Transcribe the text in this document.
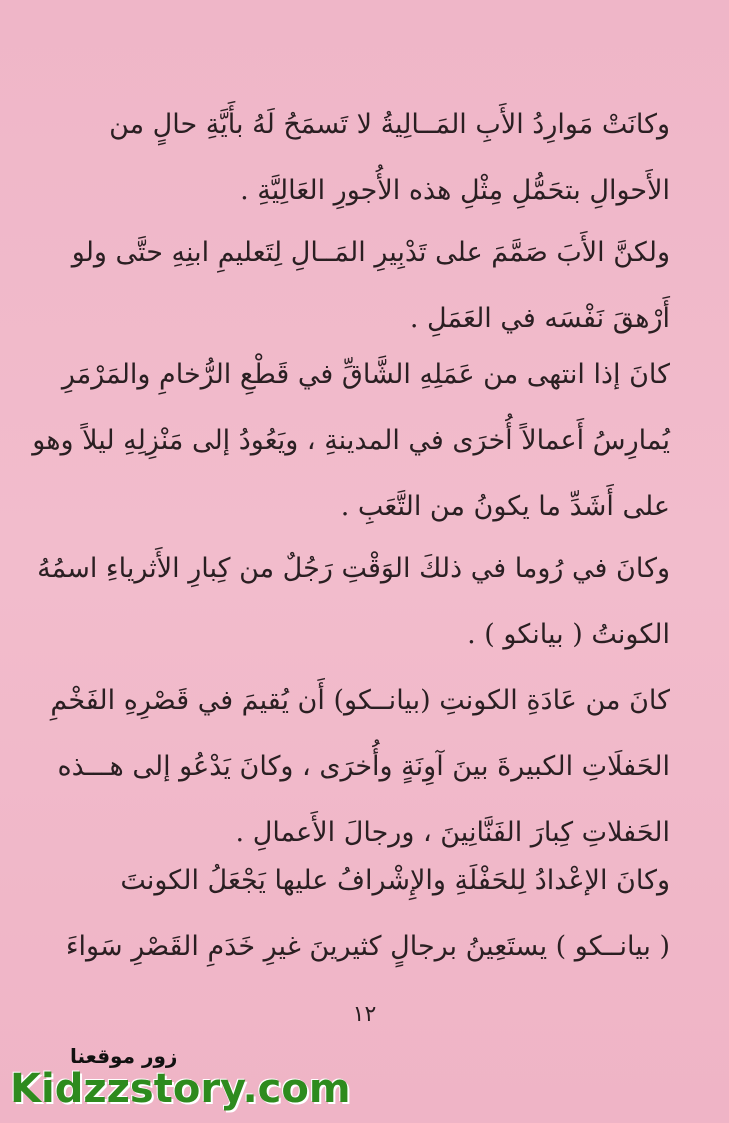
وكانَتْ مَوارِدُ الأَبِ المَــالِيةُ لا تَسمَحُ لَهُ بأَيَّةِ حالٍ من
الأَحوالِ بتحَمُّلِ مِثْلِ هذه الأُجورِ العَالِيَّةِ .
ولكنَّ الأَبَ صَمَّمَ على تَدْبِيرِ المَــالِ لِتَعليمِ ابنِهِ حتَّى ولو
أَرْهقَ نَفْسَه في العَمَلِ .
كانَ إذا انتهى من عَمَلِهِ الشَّاقِّ في قَطْعِ الرُّخامِ والمَرْمَرِ
يُمارِسُ أَعمالاً أُخرَى في المدينةِ ، ويَعُودُ إلى مَنْزِلِهِ ليلاً وهو
على أَشَدِّ ما يكونُ من التَّعَبِ .
وكانَ في رُوما في ذلكَ الوَقْتِ رَجُلٌ من كِبارِ الأَثرياءِ اسمُهُ
الكونتُ ( بيانكو ) .
كانَ من عَادَةِ الكونتِ (بيانــكو) أَن يُقيمَ في قَصْرِهِ الفَخْمِ
الحَفلَاتِ الكبيرةَ بينَ آوِنَةٍ وأُخرَى ، وكانَ يَدْعُو إلى هـــذه
الحَفلاتِ كِبارَ الفَنَّانِينَ ، ورجالَ الأَعمالِ .
وكانَ الإعْدادُ لِلحَفْلَةِ والإِشْرافُ عليها يَجْعَلُ الكونتَ
( بيانــكو ) يستَعِينُ برجالٍ كثيرينَ غيرِ خَدَمِ القَصْرِ سَواءَ
١٢
زور موقعنا
Kidzzstory.com
